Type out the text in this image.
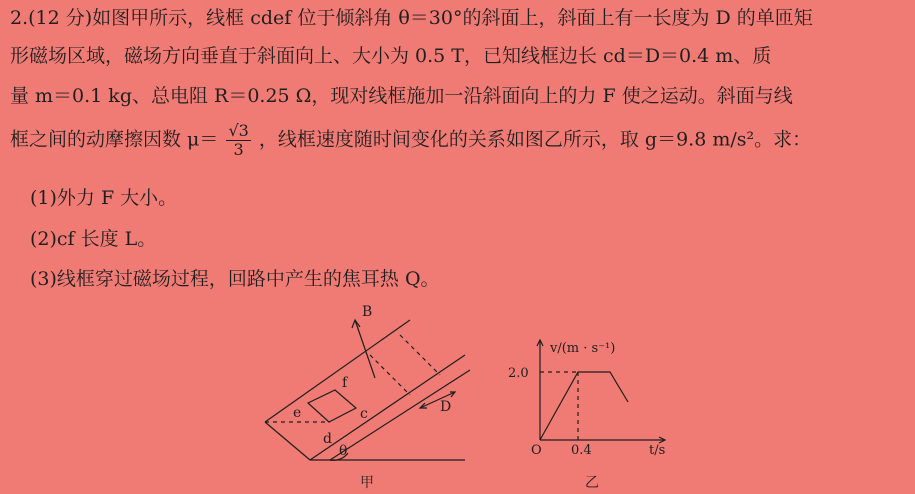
2.(12 分)如图甲所示，线框 cdef 位于倾斜角 θ＝30°的斜面上，斜面上有一长度为 D 的单匝矩
形磁场区域，磁场方向垂直于斜面向上、大小为 0.5 T，已知线框边长 cd＝D＝0.4 m、质
量 m＝0.1 kg、总电阻 R＝0.25 Ω，现对线框施加一沿斜面向上的力 F 使之运动。斜面与线
框之间的动摩擦因数 $\mu= \frac{√3}{3}$ ，线框速度随时间变化的关系如图乙所示，取 g＝9.8 m/s²。求：
(1)外力 F 大小。
(2)cf 长度 L。
(3)线框穿过磁场过程，回路中产生的焦耳热 Q。
B
f
e	c
d
D
θ
v/(m · s⁻¹)
2.0
0.4
O	t/s
甲	乙
